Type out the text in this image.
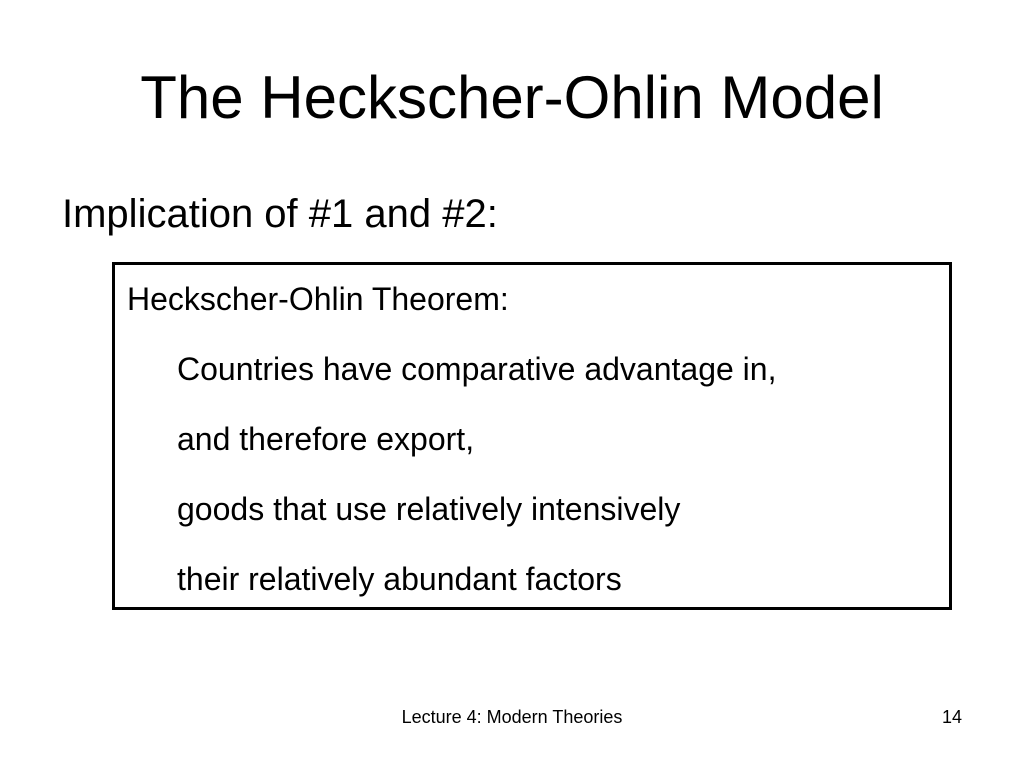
The Heckscher-Ohlin Model
Implication of #1 and #2:
Heckscher-Ohlin Theorem:
Countries have comparative advantage in,
and therefore export,
goods that use relatively intensively
their relatively abundant factors
Lecture 4: Modern Theories	14
